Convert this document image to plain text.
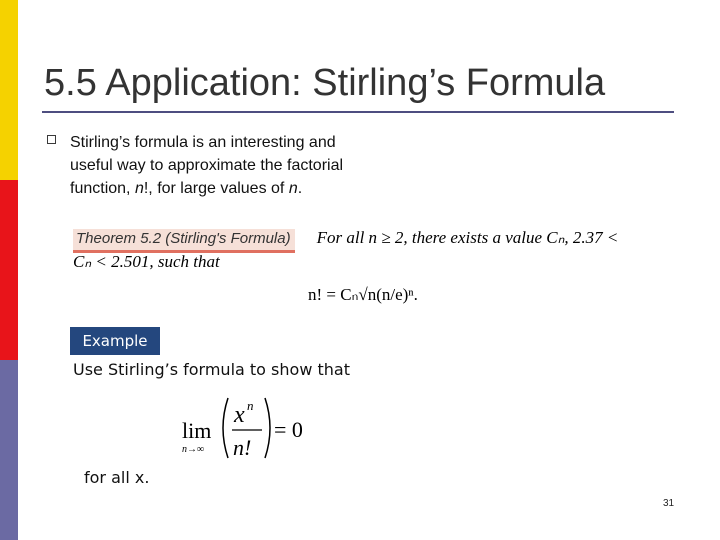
5.5 Application: Stirling’s Formula
Stirling’s formula is an interesting and useful way to approximate the factorial function, n!, for large values of n.
Theorem 5.2 (Stirling's Formula) For all n ≥ 2, there exists a value Cₙ, 2.37 <
Cₙ < 2.501, such that
n! = Cₙ√n(n/e)ⁿ.
Example
Use Stirling’s formula to show that
lim
n→∞
x n
n!
= 0
for all x.
31
